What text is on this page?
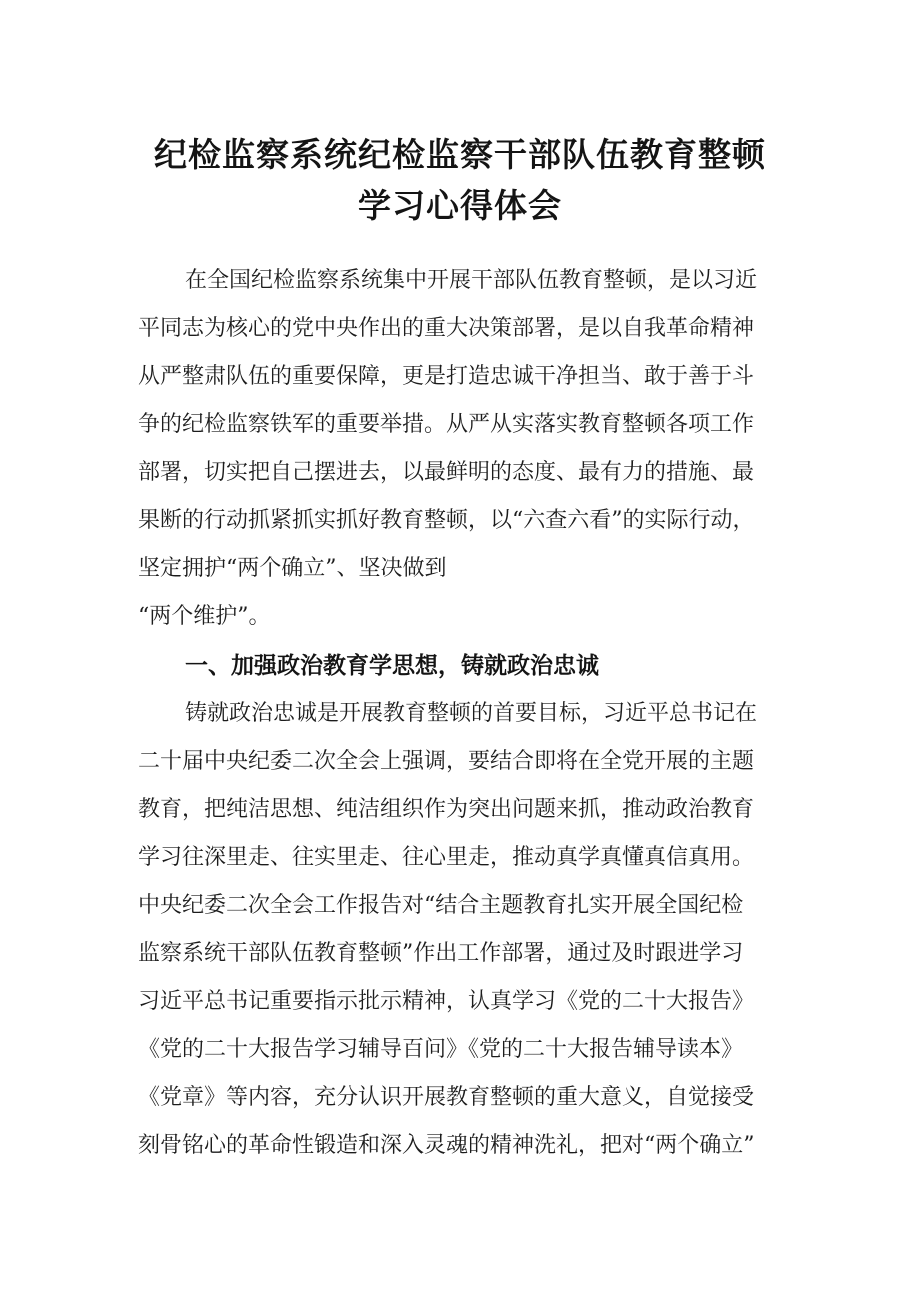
纪检监察系统纪检监察干部队伍教育整顿
学习心得体会
在全国纪检监察系统集中开展干部队伍教育整顿，是以习近
平同志为核心的党中央作出的重大决策部署，是以自我革命精神
从严整肃队伍的重要保障，更是打造忠诚干净担当、敢于善于斗
争的纪检监察铁军的重要举措。从严从实落实教育整顿各项工作
部署，切实把自己摆进去，以最鲜明的态度、最有力的措施、最
果断的行动抓紧抓实抓好教育整顿，以“六查六看”的实际行动，
坚定拥护“两个确立”、坚决做到
“两个维护”。
一、加强政治教育学思想，铸就政治忠诚
铸就政治忠诚是开展教育整顿的首要目标，习近平总书记在
二十届中央纪委二次全会上强调，要结合即将在全党开展的主题
教育，把纯洁思想、纯洁组织作为突出问题来抓，推动政治教育
学习往深里走、往实里走、往心里走，推动真学真懂真信真用。
中央纪委二次全会工作报告对“结合主题教育扎实开展全国纪检
监察系统干部队伍教育整顿”作出工作部署，通过及时跟进学习
习近平总书记重要指示批示精神，认真学习《党的二十大报告》
《党的二十大报告学习辅导百问》《党的二十大报告辅导读本》
《党章》等内容，充分认识开展教育整顿的重大意义，自觉接受
刻骨铭心的革命性锻造和深入灵魂的精神洗礼，把对“两个确立”
